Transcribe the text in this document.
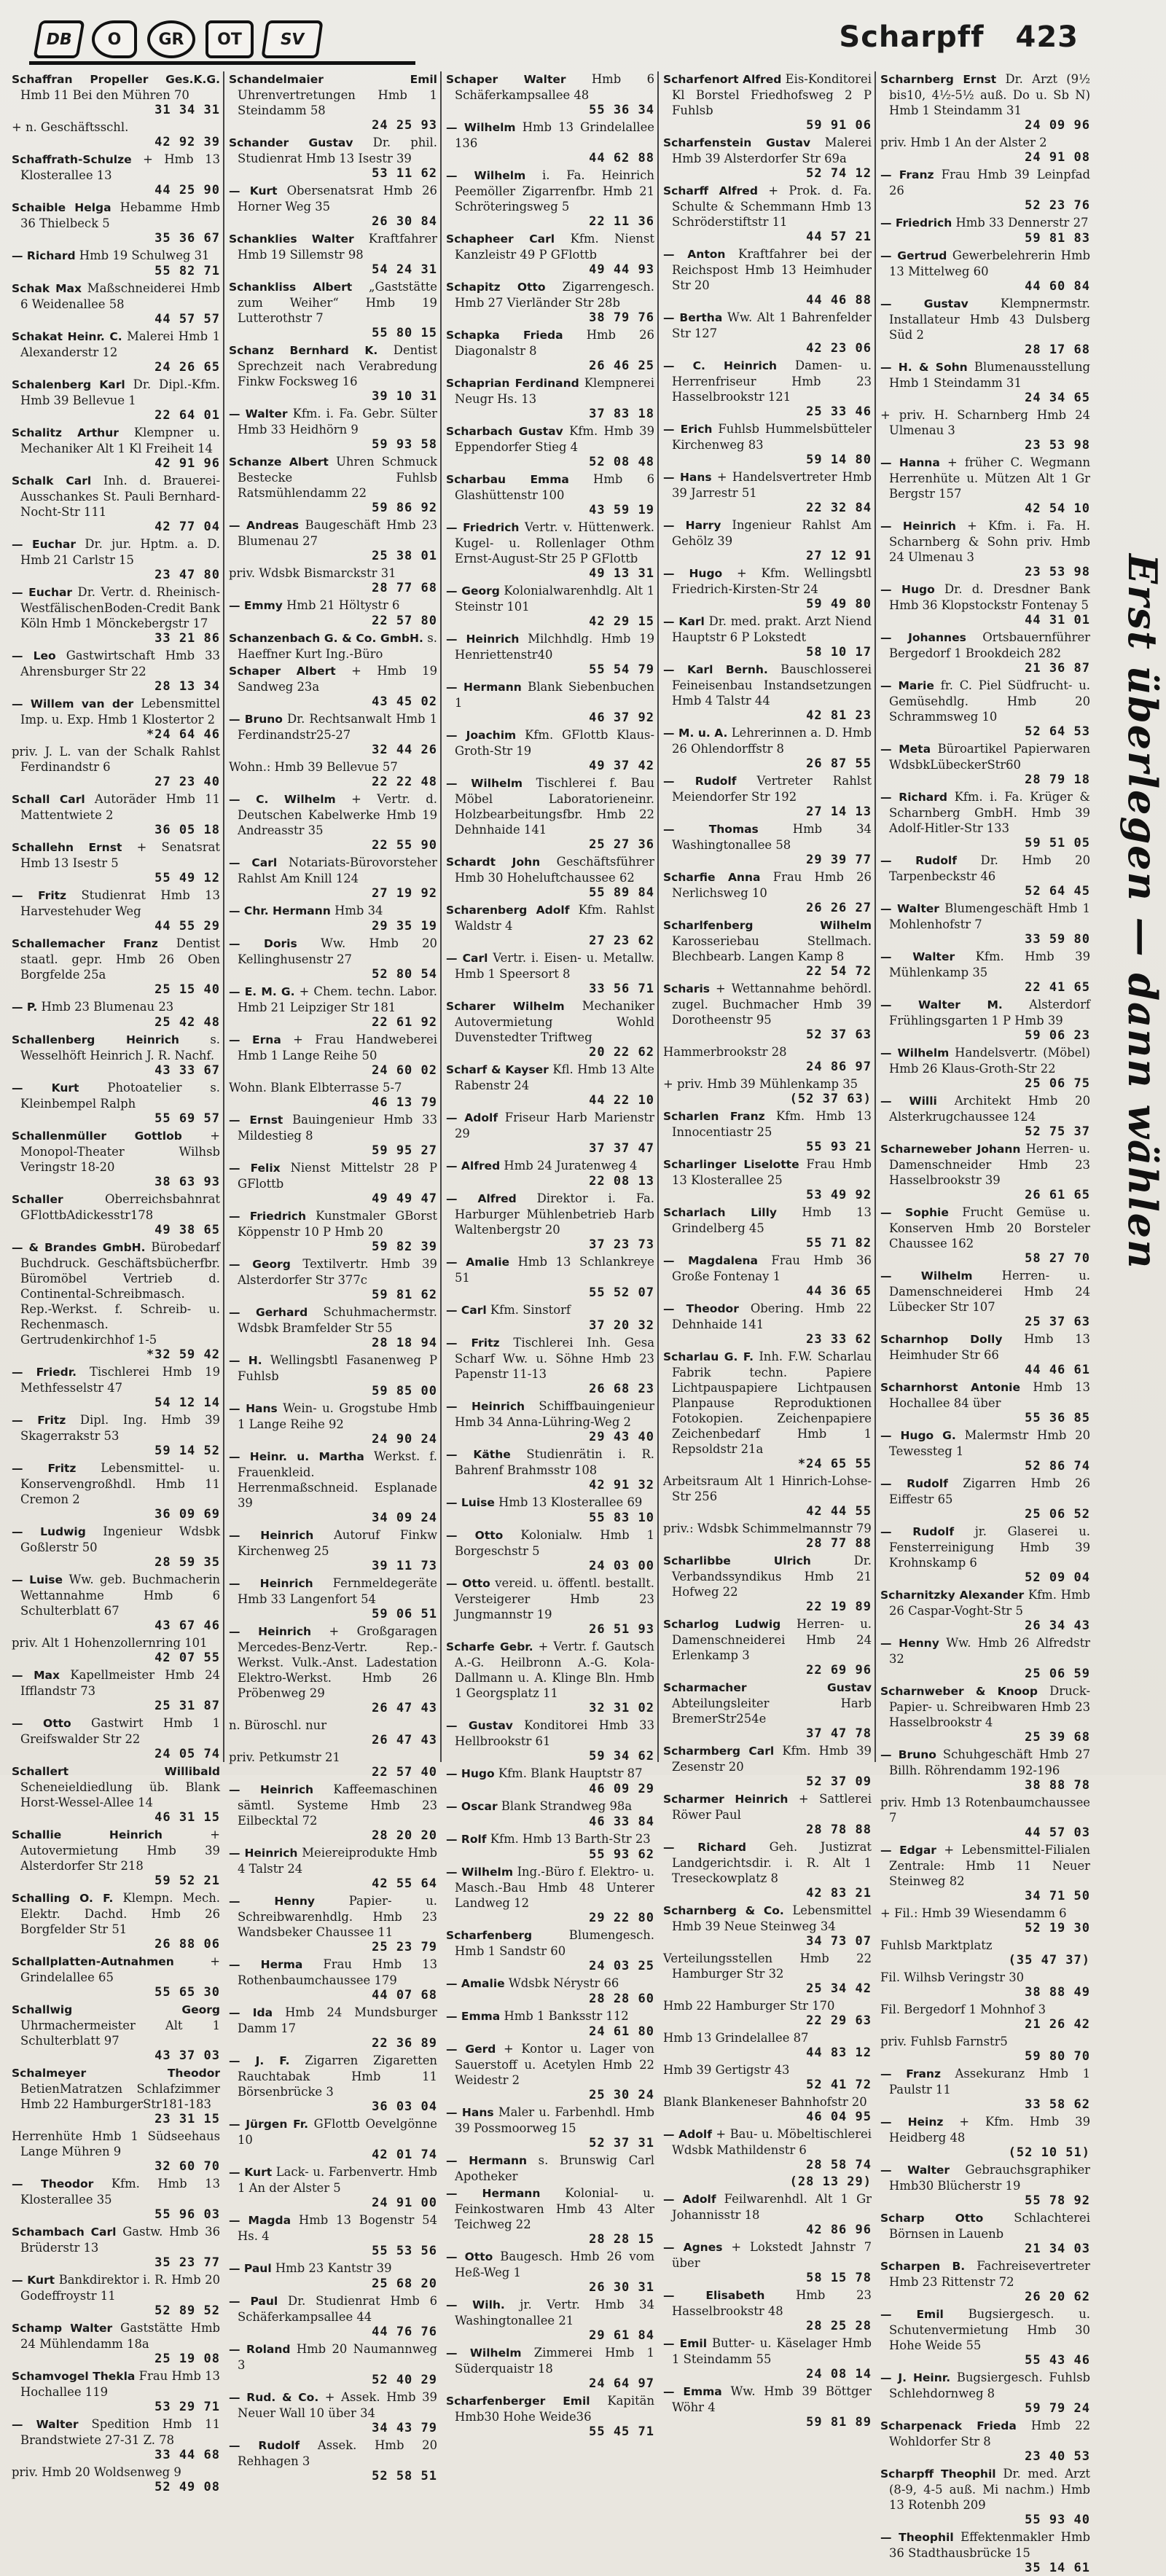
DB	O	GR	OT	SV	Scharpff 423
Schaffran Propeller Ges.K.G. Hmb 11 Bei den Mühren 70
31 34 31
+ n. Geschäftsschl.
42 92 39
Schaffrath-Schulze + Hmb 13 Klosterallee 13
44 25 90
Schaible Helga Hebamme Hmb 36 Thielbeck 5
35 36 67
— Richard Hmb 19 Schulweg 31
55 82 71
Schak Max Maßschneiderei Hmb 6 Weidenallee 58
44 57 57
Schakat Heinr. C. Malerei Hmb 1 Alexanderstr 12
24 26 65
Schalenberg Karl Dr. Dipl.-Kfm. Hmb 39 Bellevue 1
22 64 01
Schalitz Arthur Klempner u. Mechaniker Alt 1 Kl Freiheit 14
42 91 96
Schalk Carl Inh. d. Brauerei-Ausschankes St. Pauli Bernhard-Nocht-Str 111
42 77 04
— Euchar Dr. jur. Hptm. a. D. Hmb 21 Carlstr 15
23 47 80
— Euchar Dr. Vertr. d. Rheinisch-WestfälischenBoden-Credit Bank Köln Hmb 1 Mönckebergstr 17
33 21 86
— Leo Gastwirtschaft Hmb 33 Ahrensburger Str 22
28 13 34
— Willem van der Lebensmittel Imp. u. Exp. Hmb 1 Klostertor 2
*24 64 46
priv. J. L. van der Schalk Rahlst Ferdinandstr 6
27 23 40
Schall Carl Autoräder Hmb 11 Mattentwiete 2
36 05 18
Schallehn Ernst + Senatsrat Hmb 13 Isestr 5
55 49 12
— Fritz Studienrat Hmb 13 Harvestehuder Weg
44 55 29
Schallemacher Franz Dentist staatl. gepr. Hmb 26 Oben Borgfelde 25a
25 15 40
— P. Hmb 23 Blumenau 23
25 42 48
Schallenberg Heinrich	s. Wesselhöft Heinrich J. R. Nachf.
43 33 67
— Kurt Photoatelier s. Kleinbempel Ralph
55 69 57
Schallenmüller Gottlob + Monopol-Theater Wilhsb Veringstr 18-20
38 63 93
Schaller	Oberreichsbahnrat GFlottbAdickesstr178
49 38 65
— & Brandes GmbH. Bürobedarf Buchdruck. Geschäftsbücherfbr. Büromöbel Vertrieb d. Continental-Schreibmasch. Rep.-Werkst. f. Schreib- u. Rechenmasch. Gertrudenkirchhof 1-5
*32 59 42
— Friedr. Tischlerei Hmb 19 Methfesselstr 47
54 12 14
— Fritz Dipl. Ing. Hmb 39 Skagerrakstr 53
59 14 52
— Fritz Lebensmittel- u. Konservengroßhdl. Hmb 11 Cremon 2
36 09 69
— Ludwig Ingenieur Wdsbk Goßlerstr 50
28 59 35
— Luise Ww. geb. Buchmacherin Wettannahme Hmb 6 Schulterblatt 67
43 67 46
priv. Alt 1 Hohenzollernring 101
42 07 55
— Max Kapellmeister Hmb 24 Ifflandstr 73
25 31 87
— Otto Gastwirt Hmb 1 Greifswalder Str 22
24 05 74
Schallert Willibald Scheneieldiedlung üb. Blank Horst-Wessel-Allee 14
46 31 15
Schallie Heinrich	+ Autovermietung Hmb 39 Alsterdorfer Str 218
59 52 21
Schalling O. F. Klempn. Mech. Elektr. Dachd. Hmb 26 Borgfelder Str 51
26 88 06
Schallplatten-Autnahmen	+ Grindelallee 65
55 65 30
Schallwig Georg Uhrmachermeister Alt 1 Schulterblatt 97
43 37 03
Schalmeyer Theodor BetienMatratzen Schlafzimmer Hmb 22 HamburgerStr181-183
23 31 15
Herrenhüte Hmb 1 Südseehaus Lange Mühren 9
32 60 70
— Theodor Kfm. Hmb 13 Klosterallee 35
55 96 03
Schambach Carl Gastw. Hmb 36 Brüderstr 13
35 23 77
— Kurt Bankdirektor i. R. Hmb 20 Godeffroystr 11
52 89 52
Schamp Walter Gaststätte Hmb 24 Mühlendamm 18a
25 19 08
Schamvogel Thekla Frau Hmb 13 Hochallee 119
53 29 71
— Walter Spedition Hmb 11 Brandstwiete 27-31 Z. 78
33 44 68
priv. Hmb 20 Woldsenweg 9
52 49 08
Schandelmaier Emil Uhrenvertretungen Hmb 1 Steindamm 58
24 25 93
Schander Gustav Dr. phil. Studienrat Hmb 13 Isestr 39
53 11 62
— Kurt Obersenatsrat Hmb 26 Horner Weg 35
26 30 84
Schanklies Walter Kraftfahrer Hmb 19 Sillemstr 98
54 24 31
Schankliss Albert „Gaststätte zum Weiher“ Hmb 19 Lutterothstr 7
55 80 15
Schanz Bernhard K. Dentist Sprechzeit nach Verabredung Finkw Focksweg 16
39 10 31
— Walter Kfm. i. Fa. Gebr. Sülter Hmb 33 Heidhörn 9
59 93 58
Schanze Albert Uhren Schmuck Bestecke Fuhlsb Ratsmühlendamm 22
59 86 92
— Andreas Baugeschäft Hmb 23 Blumenau 27
25 38 01
priv. Wdsbk Bismarckstr 31
28 77 68
— Emmy Hmb 21 Höltystr 6
22 57 80
Schanzenbach G. & Co. GmbH. s. Haeffner Kurt Ing.-Büro
Schaper Albert + Hmb 19 Sandweg 23a
43 45 02
— Bruno Dr. Rechtsanwalt Hmb 1 Ferdinandstr25-27
32 44 26
Wohn.: Hmb 39 Bellevue 57
22 22 48
— C. Wilhelm + Vertr. d. Deutschen Kabelwerke Hmb 19 Andreasstr 35
22 55 90
— Carl Notariats-Bürovorsteher Rahlst Am Knill 124
27 19 92
— Chr. Hermann Hmb 34
29 35 19
— Doris Ww. Hmb 20 Kellinghusenstr 27
52 80 54
— E. M. G. + Chem. techn. Labor. Hmb 21 Leipziger Str 181
22 61 92
— Erna + Frau Handweberei Hmb 1 Lange Reihe 50
24 60 02
Wohn. Blank Elbterrasse 5-7
46 13 79
— Ernst Bauingenieur Hmb 33 Mildestieg 8
59 95 27
— Felix Nienst Mittelstr 28 P GFlottb
49 49 47
— Friedrich Kunstmaler GBorst Köppenstr 10 P Hmb 20
59 82 39
— Georg Textilvertr. Hmb 39 Alsterdorfer Str 377c
59 81 62
— Gerhard Schuhmachermstr. Wdsbk Bramfelder Str 55
28 18 94
— H. Wellingsbtl Fasanenweg P Fuhlsb
59 85 00
— Hans Wein- u. Grogstube Hmb 1 Lange Reihe 92
24 90 24
— Heinr. u. Martha Werkst. f. Frauenkleid. Herrenmaßschneid. Esplanade 39
34 09 24
— Heinrich Autoruf Finkw Kirchenweg 25
39 11 73
— Heinrich Fernmeldegeräte Hmb 33 Langenfort 54
59 06 51
— Heinrich + Großgaragen Mercedes-Benz-Vertr. Rep.-Werkst. Vulk.-Anst. Ladestation Elektro-Werkst. Hmb 26 Pröbenweg 29
26 47 43
n. Büroschl. nur
26 47 43
priv. Petkumstr 21
22 57 40
— Heinrich Kaffeemaschinen sämtl. Systeme Hmb 23 Eilbecktal 72
28 20 20
— Heinrich Meiereiprodukte Hmb 4 Talstr 24
42 55 64
— Henny	Papier- u. Schreibwarenhdlg. Hmb 23 Wandsbeker Chaussee 11
25 23 79
— Herma Frau Hmb 13 Rothenbaumchaussee 179
44 07 68
— Ida Hmb 24 Mundsburger Damm 17
22 36 89
— J. F. Zigarren Zigaretten Rauchtabak Hmb 11 Börsenbrücke 3
36 03 04
— Jürgen Fr. GFlottb Oevelgönne 10
42 01 74
— Kurt Lack- u. Farbenvertr. Hmb 1 An der Alster 5
24 91 00
— Magda Hmb 13 Bogenstr 54 Hs. 4
55 53 56
— Paul Hmb 23 Kantstr 39
25 68 20
— Paul Dr. Studienrat Hmb 6 Schäferkampsallee 44
44 76 76
— Roland Hmb 20 Naumannweg 3
52 40 29
— Rud. & Co. + Assek. Hmb 39 Neuer Wall 10 über 34
34 43 79
— Rudolf Assek. Hmb 20 Rehhagen 3
52 58 51
Schaper Walter Hmb 6 Schäferkampsallee 48
55 36 34
— Wilhelm Hmb 13 Grindelallee 136
44 62 88
— Wilhelm i. Fa. Heinrich Peemöller Zigarrenfbr. Hmb 21 Schröteringsweg 5
22 11 36
Schapheer Carl Kfm. Nienst Kanzleistr 49 P GFlottb
49 44 93
Schapitz Otto Zigarrengesch. Hmb 27 Vierländer Str 28b
38 79 76
Schapka Frieda Hmb 26 Diagonalstr 8
26 46 25
Schaprian Ferdinand Klempnerei Neugr Hs. 13
37 83 18
Scharbach Gustav Kfm. Hmb 39 Eppendorfer Stieg 4
52 08 48
Scharbau Emma Hmb 6 Glashüttenstr 100
43 59 19
— Friedrich Vertr. v. Hüttenwerk. Kugel- u. Rollenlager Othm Ernst-August-Str 25 P GFlottb
49 13 31
— Georg Kolonialwarenhdlg. Alt 1 Steinstr 101
42 29 15
— Heinrich Milchhdlg. Hmb 19 Henriettenstr40
55 54 79
— Hermann Blank Siebenbuchen 1
46 37 92
— Joachim Kfm. GFlottb Klaus-Groth-Str 19
49 37 42
— Wilhelm Tischlerei f. Bau Möbel Laboratorieneinr. Holzbearbeitungsfbr. Hmb 22 Dehnhaide 141
25 27 36
Schardt John Geschäftsführer Hmb 30 Hoheluftchaussee 62
55 89 84
Scharenberg Adolf Kfm. Rahlst Waldstr 4
27 23 62
— Carl Vertr. i. Eisen- u. Metallw. Hmb 1 Speersort 8
33 56 71
Scharer Wilhelm Mechaniker Autovermietung Wohld Duvenstedter Triftweg
20 22 62
Scharf & Kayser Kfl. Hmb 13 Alte Rabenstr 24
44 22 10
— Adolf Friseur Harb Marienstr 29
37 37 47
— Alfred Hmb 24 Juratenweg 4
22 08 13
— Alfred Direktor i. Fa. Harburger Mühlenbetrieb Harb Waltenbergstr 20
37 23 73
— Amalie Hmb 13 Schlankreye 51
55 52 07
— Carl Kfm. Sinstorf
37 20 32
— Fritz Tischlerei Inh. Gesa Scharf Ww. u. Söhne Hmb 23 Papenstr 11-13
26 68 23
— Heinrich Schiffbauingenieur Hmb 34 Anna-Lühring-Weg 2
29 43 40
— Käthe Studienrätin i. R. Bahrenf Brahmsstr 108
42 91 32
— Luise Hmb 13 Klosterallee 69
55 83 10
— Otto Kolonialw. Hmb 1 Borgeschstr 5
24 03 00
— Otto vereid. u. öffentl. bestallt. Versteigerer Hmb 23 Jungmannstr 19
26 51 93
Scharfe Gebr. + Vertr. f. Gautsch A.-G. Heilbronn A.-G. Kola-Dallmann u. A. Klinge Bln. Hmb 1 Georgsplatz 11
32 31 02
— Gustav Konditorei Hmb 33 Hellbrookstr 61
59 34 62
— Hugo Kfm. Blank Hauptstr 87
46 09 29
— Oscar Blank Strandweg 98a
46 33 84
— Rolf Kfm. Hmb 13 Barth-Str 23
55 93 62
— Wilhelm Ing.-Büro f. Elektro- u. Masch.-Bau Hmb 48 Unterer Landweg 12
29 22 80
Scharfenberg	Blumengesch. Hmb 1 Sandstr 60
24 03 25
— Amalie Wdsbk Nérystr 66
28 28 60
— Emma Hmb 1 Banksstr 112
24 61 80
— Gerd + Kontor u. Lager von Sauerstoff u. Acetylen Hmb 22 Weidestr 2
25 30 24
— Hans Maler u. Farbenhdl. Hmb 39 Possmoorweg 15
52 37 31
— Hermann s. Brunswig Carl Apotheker
— Hermann Kolonial- u. Feinkostwaren Hmb 43 Alter Teichweg 22
28 28 15
— Otto Baugesch. Hmb 26 vom Heß-Weg 1
26 30 31
— Wilh. jr. Vertr. Hmb 34 Washingtonallee 21
29 61 84
— Wilhelm Zimmerei Hmb 1 Süderquaistr 18
24 64 97
Scharfenberger Emil Kapitän Hmb30 Hohe Weide36
55 45 71
Scharfenort Alfred Eis-Konditorei Kl Borstel Friedhofsweg 2 P Fuhlsb
59 91 06
Scharfenstein Gustav Malerei Hmb 39 Alsterdorfer Str 69a
52 74 12
Scharff Alfred + Prok. d. Fa. Schulte & Schemmann Hmb 13 Schröderstiftstr 11
44 57 21
— Anton Kraftfahrer bei der Reichspost Hmb 13 Heimhuder Str 20
44 46 88
— Bertha Ww. Alt 1 Bahrenfelder Str 127
42 23 06
— C. Heinrich Damen- u. Herrenfriseur Hmb 23 Hasselbrookstr 121
25 33 46
— Erich Fuhlsb Hummelsbütteler Kirchenweg 83
59 14 80
— Hans + Handelsvertreter Hmb 39 Jarrestr 51
22 32 84
— Harry Ingenieur Rahlst Am Gehölz 39
27 12 91
— Hugo + Kfm. Wellingsbtl Friedrich-Kirsten-Str 24
59 49 80
— Karl Dr. med. prakt. Arzt Niend Hauptstr 6 P Lokstedt
58 10 17
— Karl Bernh. Bauschlosserei Feineisenbau Instandsetzungen Hmb 4 Talstr 44
42 81 23
— M. u. A. Lehrerinnen a. D. Hmb 26 Ohlendorffstr 8
26 87 55
— Rudolf Vertreter Rahlst Meiendorfer Str 192
27 14 13
— Thomas	Hmb 34 Washingtonallee 58
29 39 77
Scharfie Anna Frau Hmb 26 Nerlichsweg 10
26 26 27
Scharlfenberg Wilhelm Karosseriebau Stellmach. Blechbearb. Langen Kamp 8
22 54 72
Scharis + Wettannahme behördl. zugel. Buchmacher Hmb 39 Dorotheenstr 95
52 37 63
Hammerbrookstr 28
24 86 97
+ priv. Hmb 39 Mühlenkamp 35
(52 37 63)
Scharlen Franz Kfm. Hmb 13 Innocentiastr 25
55 93 21
Scharlinger Liselotte Frau Hmb 13 Klosterallee 25
53 49 92
Scharlach Lilly Hmb 13 Grindelberg 45
55 71 82
— Magdalena Frau Hmb 36 Große Fontenay 1
44 36 65
— Theodor Obering. Hmb 22 Dehnhaide 141
23 33 62
Scharlau G. F. Inh. F.W. Scharlau Fabrik techn. Papiere Lichtpauspapiere Lichtpausen Planpause Reproduktionen Fotokopien. Zeichenpapiere Zeichenbedarf Hmb 1 Repsoldstr 21a
*24 65 55
Arbeitsraum Alt 1 Hinrich-Lohse-Str 256
42 44 55
priv.: Wdsbk Schimmelmannstr 79
28 77 88
Scharlibbe Ulrich	Dr. Verbandssyndikus Hmb 21 Hofweg 22
22 19 89
Scharlog Ludwig Herren- u. Damenschneiderei Hmb 24 Erlenkamp 3
22 69 96
Scharmacher Gustav Abteilungsleiter Harb BremerStr254e
37 47 78
Scharmberg Carl Kfm. Hmb 39 Zesenstr 20
52 37 09
Scharmer Heinrich + Sattlerei Röwer Paul
28 78 88
— Richard Geh. Justizrat Landgerichtsdir. i. R. Alt 1 Treseckowplatz 8
42 83 21
Scharnberg & Co. Lebensmittel Hmb 39 Neue Steinweg 34
34 73 07
Verteilungsstellen Hmb 22 Hamburger Str 32
25 34 42
Hmb 22 Hamburger Str 170
22 29 63
Hmb 13 Grindelallee 87
44 83 12
Hmb 39 Gertigstr 43
52 41 72
Blank Blankeneser Bahnhofstr 20
46 04 95
— Adolf + Bau- u. Möbeltischlerei Wdsbk Mathildenstr 6
28 58 74
(28 13 29)
— Adolf Feilwarenhdl. Alt 1 Gr Johannisstr 18
42 86 96
— Agnes + Lokstedt Jahnstr 7 über
58 15 78
— Elisabeth	Hmb 23 Hasselbrookstr 48
28 25 28
— Emil Butter- u. Käselager Hmb 1 Steindamm 55
24 08 14
— Emma Ww. Hmb 39 Böttger Wöhr 4
59 81 89
Scharnberg Ernst Dr. Arzt (9½ bis10, 4½-5½ auß. Do u. Sb N) Hmb 1 Steindamm 31
24 09 96
priv. Hmb 1 An der Alster 2
24 91 08
— Franz Frau Hmb 39 Leinpfad 26
52 23 76
— Friedrich Hmb 33 Dennerstr 27
59 81 83
— Gertrud Gewerbelehrerin Hmb 13 Mittelweg 60
44 60 84
— Gustav	Klempnermstr. Installateur Hmb 43 Dulsberg Süd 2
28 17 68
— H. & Sohn Blumenausstellung Hmb 1 Steindamm 31
24 34 65
+ priv. H. Scharnberg Hmb 24 Ulmenau 3
23 53 98
— Hanna + früher C. Wegmann Herrenhüte u. Mützen Alt 1 Gr Bergstr 157
42 54 10
— Heinrich + Kfm. i. Fa. H. Scharnberg & Sohn priv. Hmb 24 Ulmenau 3
23 53 98
— Hugo Dr. d. Dresdner Bank Hmb 36 Klopstockstr Fontenay 5
44 31 01
— Johannes Ortsbauernführer Bergedorf 1 Brookdeich 282
21 36 87
— Marie fr. C. Piel Südfrucht- u. Gemüsehdlg. Hmb 20 Schrammsweg 10
52 64 53
— Meta Büroartikel Papierwaren WdsbkLübeckerStr60
28 79 18
— Richard Kfm. i. Fa. Krüger & Scharnberg GmbH. Hmb 39 Adolf-Hitler-Str 133
59 51 05
— Rudolf Dr. Hmb 20 Tarpenbeckstr 46
52 64 45
— Walter Blumengeschäft Hmb 1 Mohlenhofstr 7
33 59 80
— Walter Kfm. Hmb 39 Mühlenkamp 35
22 41 65
— Walter M. Alsterdorf Frühlingsgarten 1 P Hmb 39
59 06 23
— Wilhelm Handelsvertr. (Möbel) Hmb 26 Klaus-Groth-Str 22
25 06 75
— Willi Architekt Hmb 20 Alsterkrugchaussee 124
52 75 37
Scharneweber Johann Herren- u. Damenschneider Hmb 23 Hasselbrookstr 39
26 61 65
— Sophie Frucht Gemüse u. Konserven Hmb 20 Borsteler Chaussee 162
58 27 70
— Wilhelm Herren- u. Damenschneiderei Hmb 24 Lübecker Str 107
25 37 63
Scharnhop Dolly Hmb 13 Heimhuder Str 66
44 46 61
Scharnhorst Antonie Hmb 13 Hochallee 84 über
55 36 85
— Hugo G. Malermstr Hmb 20 Tewessteg 1
52 86 74
— Rudolf Zigarren Hmb 26 Eiffestr 65
25 06 52
— Rudolf jr. Glaserei u. Fensterreinigung Hmb 39 Krohnskamp 6
52 09 04
Scharnitzky Alexander Kfm. Hmb 26 Caspar-Voght-Str 5
26 34 43
— Henny Ww. Hmb 26 Alfredstr 32
25 06 59
Scharnweber & Knoop Druck-Papier- u. Schreibwaren Hmb 23 Hasselbrookstr 4
25 39 68
— Bruno Schuhgeschäft Hmb 27 Billh. Röhrendamm 192-196
38 88 78
priv. Hmb 13 Rotenbaumchaussee 7
44 57 03
— Edgar + Lebensmittel-Filialen Zentrale: Hmb 11 Neuer Steinweg 82
34 71 50
+ Fil.: Hmb 39 Wiesendamm 6
52 19 30
Fuhlsb Marktplatz
(35 47 37)
Fil. Wilhsb Veringstr 30
38 88 49
Fil. Bergedorf 1 Mohnhof 3
21 26 42
priv. Fuhlsb Farnstr5
59 80 70
— Franz Assekuranz Hmb 1 Paulstr 11
33 58 62
— Heinz + Kfm. Hmb 39 Heidberg 48
(52 10 51)
— Walter Gebrauchsgraphiker Hmb30 Blücherstr 19
55 78 92
Scharp Otto	Schlachterei Börnsen in Lauenb
21 34 03
Scharpen B. Fachreisevertreter Hmb 23 Rittenstr 72
26 20 62
— Emil Bugsiergesch. u. Schutenvermietung Hmb 30 Hohe Weide 55
55 43 46
— J. Heinr. Bugsiergesch. Fuhlsb Schlehdornweg 8
59 79 24
Scharpenack Frieda Hmb 22 Wohldorfer Str 8
23 40 53
Scharpff Theophil Dr. med. Arzt (8-9, 4-5 auß. Mi nachm.) Hmb 13 Rotenbh 209
55 93 40
— Theophil Effektenmakler Hmb 36 Stadthausbrücke 15
35 14 61
Erst überlegen — dann wählen
